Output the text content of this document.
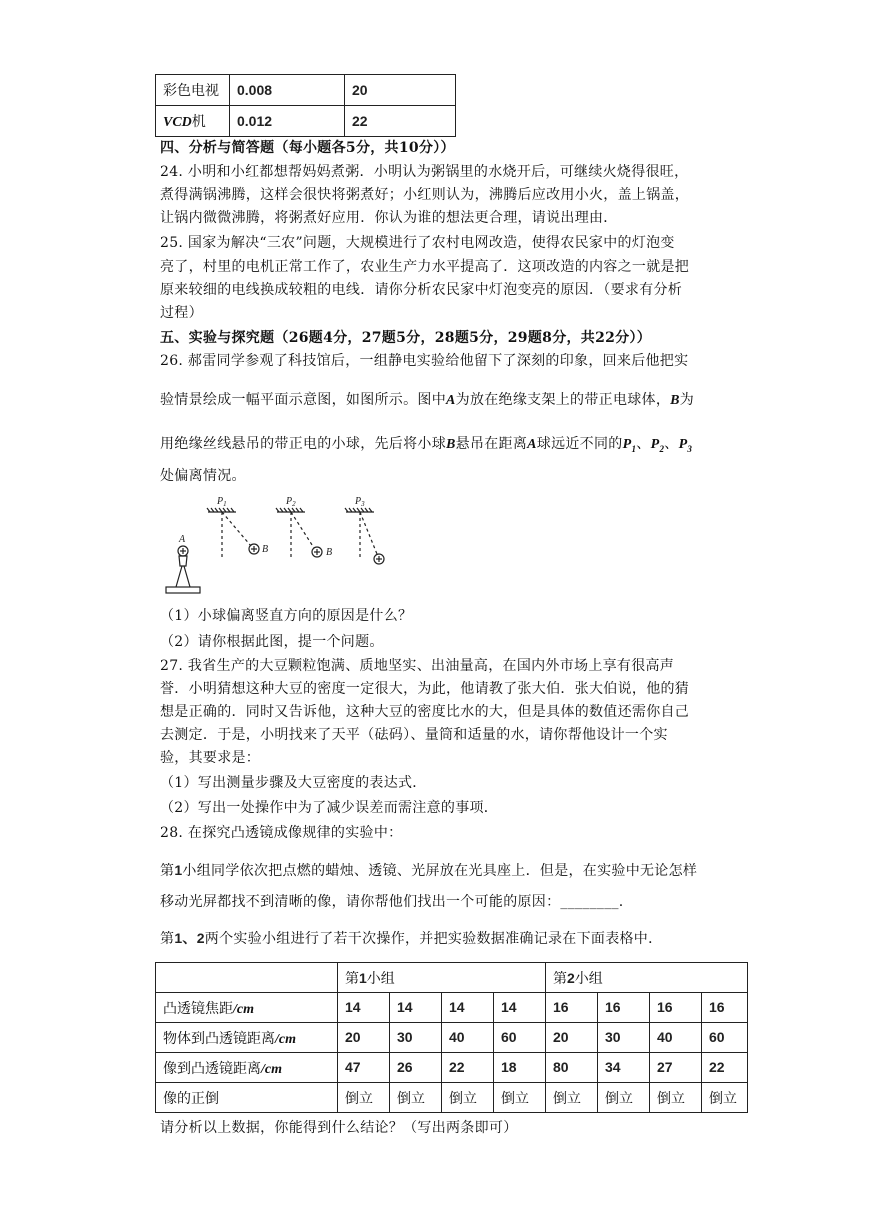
彩色电视	0.008	20
VCD机	0.012	22
四、分析与简答题（每小题各5分，共10分））
24. 小明和小红都想帮妈妈煮粥．小明认为粥锅里的水烧开后，可继续火烧得很旺，
煮得满锅沸腾，这样会很快将粥煮好；小红则认为，沸腾后应改用小火，盖上锅盖，
让锅内微微沸腾，将粥煮好应用．你认为谁的想法更合理，请说出理由．
25. 国家为解决“三农”问题，大规模进行了农村电网改造，使得农民家中的灯泡变
亮了，村里的电机正常工作了，农业生产力水平提高了．这项改造的内容之一就是把
原来较细的电线换成较粗的电线．请你分析农民家中灯泡变亮的原因．（要求有分析
过程）
五、实验与探究题（26题4分，27题5分，28题5分，29题8分，共22分））
26. 郝雷同学参观了科技馆后，一组静电实验给他留下了深刻的印象，回来后他把实
验情景绘成一幅平面示意图，如图所示。图中A为放在绝缘支架上的带正电球体，B为
用绝缘丝线悬吊的带正电的小球，先后将小球B悬吊在距离A球远近不同的$P_1$、$P_2$、$P_3$
处偏离情况。
A
$P_1$	$P_2$	$P_3$
B	B
（1）小球偏离竖直方向的原因是什么？
（2）请你根据此图，提一个问题。
27. 我省生产的大豆颗粒饱满、质地坚实、出油量高，在国内外市场上享有很高声
誉．小明猜想这种大豆的密度一定很大，为此，他请教了张大伯．张大伯说，他的猜
想是正确的．同时又告诉他，这种大豆的密度比水的大，但是具体的数值还需你自己
去测定．于是，小明找来了天平（砝码）、量筒和适量的水，请你帮他设计一个实
验，其要求是：
（1）写出测量步骤及大豆密度的表达式．
（2）写出一处操作中为了减少误差而需注意的事项．
28. 在探究凸透镜成像规律的实验中：
第1小组同学依次把点燃的蜡烛、透镜、光屏放在光具座上．但是，在实验中无论怎样
移动光屏都找不到清晰的像，请你帮他们找出一个可能的原因：________.
第1、2两个实验小组进行了若干次操作，并把实验数据准确记录在下面表格中．
	第1小组				第2小组			
凸透镜焦距/cm	14	14	14	14	16	16	16	16
物体到凸透镜距离/cm	20	30	40	60	20	30	40	60
像到凸透镜距离/cm	47	26	22	18	80	34	27	22
像的正倒	倒立	倒立	倒立	倒立	倒立	倒立	倒立	倒立
请分析以上数据，你能得到什么结论？（写出两条即可）
